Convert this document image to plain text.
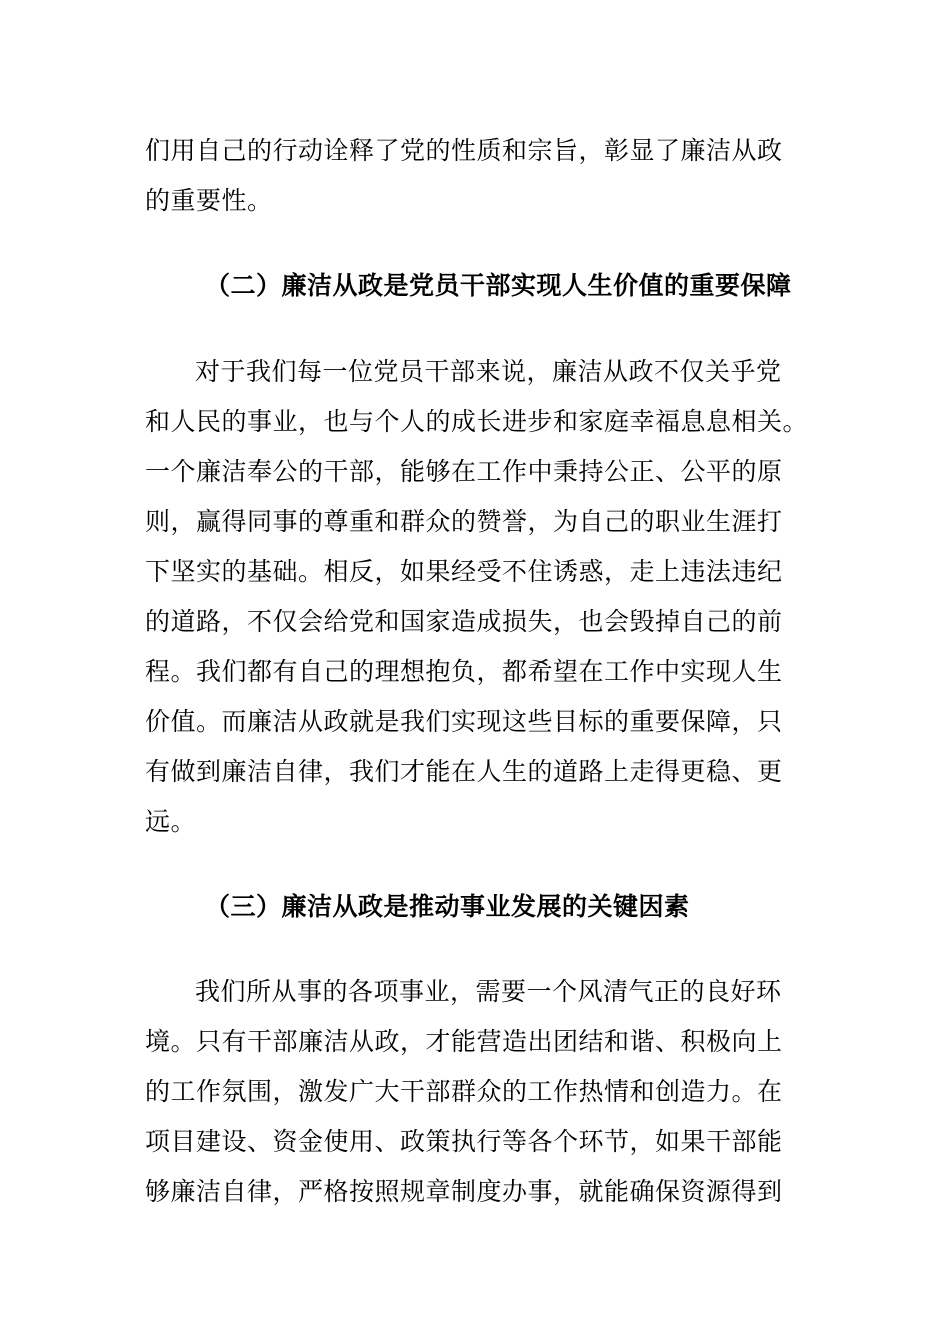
们用自己的行动诠释了党的性质和宗旨，彰显了廉洁从政
的重要性。
（二）廉洁从政是党员干部实现人生价值的重要保障
对于我们每一位党员干部来说，廉洁从政不仅关乎党
和人民的事业，也与个人的成长进步和家庭幸福息息相关。
一个廉洁奉公的干部，能够在工作中秉持公正、公平的原
则，赢得同事的尊重和群众的赞誉，为自己的职业生涯打
下坚实的基础。相反，如果经受不住诱惑，走上违法违纪
的道路，不仅会给党和国家造成损失，也会毁掉自己的前
程。我们都有自己的理想抱负，都希望在工作中实现人生
价值。而廉洁从政就是我们实现这些目标的重要保障，只
有做到廉洁自律，我们才能在人生的道路上走得更稳、更
远。
（三）廉洁从政是推动事业发展的关键因素
我们所从事的各项事业，需要一个风清气正的良好环
境。只有干部廉洁从政，才能营造出团结和谐、积极向上
的工作氛围，激发广大干部群众的工作热情和创造力。在
项目建设、资金使用、政策执行等各个环节，如果干部能
够廉洁自律，严格按照规章制度办事，就能确保资源得到
